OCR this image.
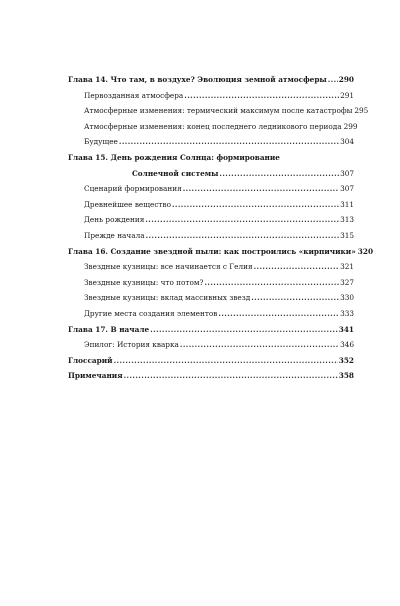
Глава 14. Что там, в воздухе? Эволюция земной атмосферы ..... 290
Первозданная атмосфера .....	291
Атмосферные изменения: термический максимум после катастрофы 295
Атмосферные изменения: конец последнего ледникового периода 299
Будущее .....	304
Глава 15. День рождения Солнца: формирование
Солнечной системы .....	307
Сценарий формирования .....	307
Древнейшее вещество .....	311
День рождения .....	313
Прежде начала .....	315
Глава 16. Создание звездной пыли: как построились «кирпичики» 320
Звездные кузницы: все начинается с Гелия .....	321
Звездные кузницы: что потом? .....	327
Звездные кузницы: вклад массивных звезд .....	330
Другие места создания элементов .....	333
Глава 17. В начале .....	341
Эпилог: История кварка .....	346
Глоссарий .....	352
Примечания .....	358
